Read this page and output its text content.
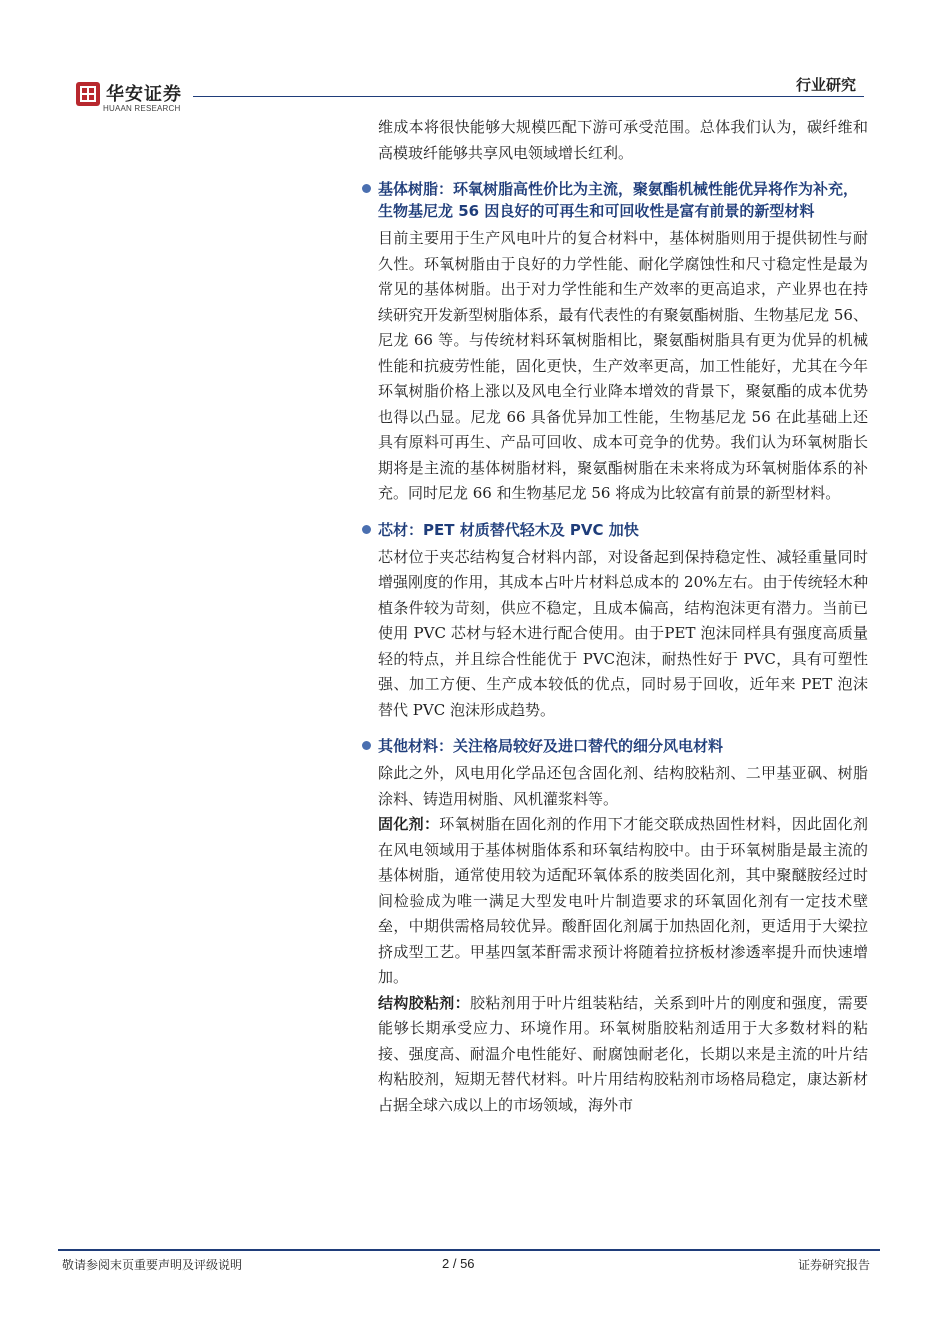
华安证券
HUAAN RESEARCH
行业研究

维成本将很快能够大规模匹配下游可承受范围。总体我们认为，碳纤维和高模玻纤能够共享风电领域增长红利。

基体树脂：环氧树脂高性价比为主流，聚氨酯机械性能优异将作为补充，生物基尼龙 56 因良好的可再生和可回收性是富有前景的新型材料

目前主要用于生产风电叶片的复合材料中，基体树脂则用于提供韧性与耐久性。环氧树脂由于良好的力学性能、耐化学腐蚀性和尺寸稳定性是最为常见的基体树脂。出于对力学性能和生产效率的更高追求，产业界也在持续研究开发新型树脂体系，最有代表性的有聚氨酯树脂、生物基尼龙 56、尼龙 66 等。与传统材料环氧树脂相比，聚氨酯树脂具有更为优异的机械性能和抗疲劳性能，固化更快，生产效率更高，加工性能好，尤其在今年环氧树脂价格上涨以及风电全行业降本增效的背景下，聚氨酯的成本优势也得以凸显。尼龙 66 具备优异加工性能，生物基尼龙 56 在此基础上还具有原料可再生、产品可回收、成本可竞争的优势。我们认为环氧树脂长期将是主流的基体树脂材料，聚氨酯树脂在未来将成为环氧树脂体系的补充。同时尼龙 66 和生物基尼龙 56 将成为比较富有前景的新型材料。

芯材：PET 材质替代轻木及 PVC 加快

芯材位于夹芯结构复合材料内部，对设备起到保持稳定性、减轻重量同时增强刚度的作用，其成本占叶片材料总成本的 20%左右。由于传统轻木种植条件较为苛刻，供应不稳定，且成本偏高，结构泡沫更有潜力。当前已使用 PVC 芯材与轻木进行配合使用。由于PET 泡沫同样具有强度高质量轻的特点，并且综合性能优于 PVC泡沫，耐热性好于 PVC，具有可塑性强、加工方便、生产成本较低的优点，同时易于回收，近年来 PET 泡沫替代 PVC 泡沫形成趋势。

其他材料：关注格局较好及进口替代的细分风电材料

除此之外，风电用化学品还包含固化剂、结构胶粘剂、二甲基亚砜、树脂涂料、铸造用树脂、风机灌浆料等。

固化剂：环氧树脂在固化剂的作用下才能交联成热固性材料，因此固化剂在风电领域用于基体树脂体系和环氧结构胶中。由于环氧树脂是最主流的基体树脂，通常使用较为适配环氧体系的胺类固化剂，其中聚醚胺经过时间检验成为唯一满足大型发电叶片制造要求的环氧固化剂有一定技术壁垒，中期供需格局较优异。酸酐固化剂属于加热固化剂，更适用于大梁拉挤成型工艺。甲基四氢苯酐需求预计将随着拉挤板材渗透率提升而快速增加。

结构胶粘剂：胶粘剂用于叶片组装粘结，关系到叶片的刚度和强度，需要能够长期承受应力、环境作用。环氧树脂胶粘剂适用于大多数材料的粘接、强度高、耐温介电性能好、耐腐蚀耐老化，长期以来是主流的叶片结构粘胶剂，短期无替代材料。叶片用结构胶粘剂市场格局稳定，康达新材占据全球六成以上的市场领域，海外市

敬请参阅末页重要声明及评级说明	2 / 56	证券研究报告
